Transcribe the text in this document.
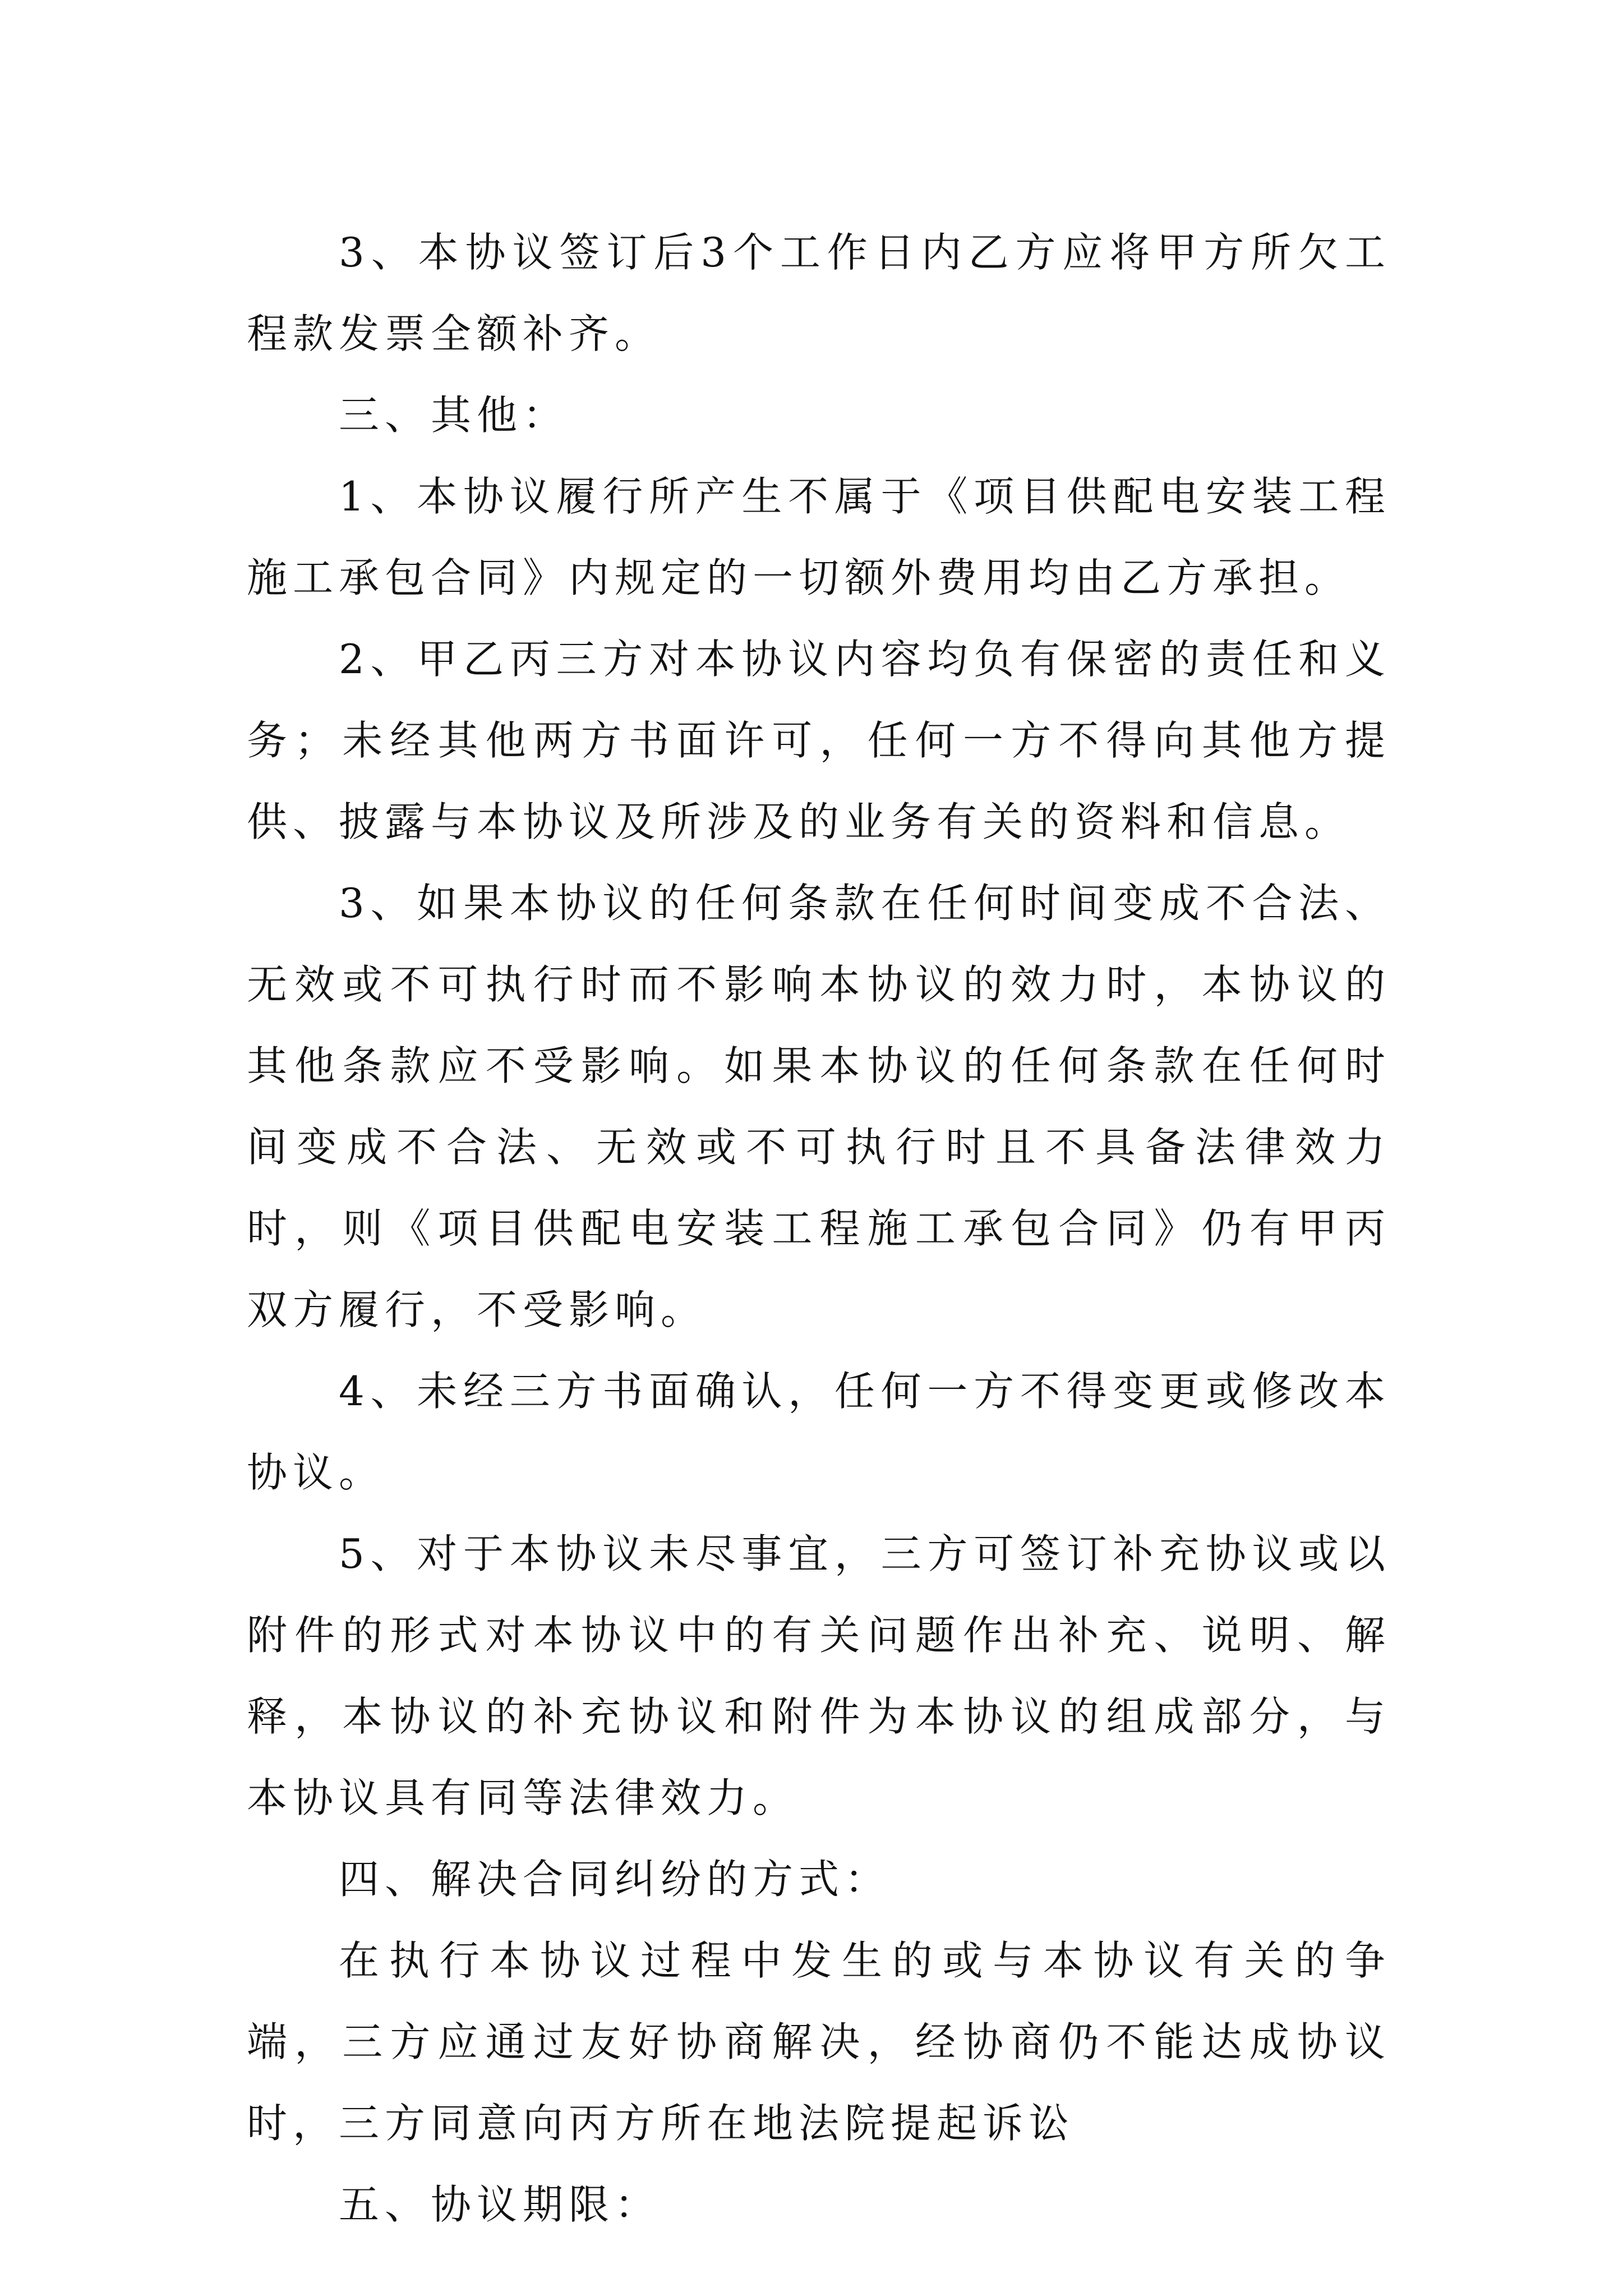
3、本协议签订后3个工作日内乙方应将甲方所欠工程款发票全额补齐。

三、其他：

1、本协议履行所产生不属于《项目供配电安装工程施工承包合同》内规定的一切额外费用均由乙方承担。

2、甲乙丙三方对本协议内容均负有保密的责任和义务；未经其他两方书面许可，任何一方不得向其他方提供、披露与本协议及所涉及的业务有关的资料和信息。

3、如果本协议的任何条款在任何时间变成不合法、无效或不可执行时而不影响本协议的效力时，本协议的其他条款应不受影响。如果本协议的任何条款在任何时间变成不合法、无效或不可执行时且不具备法律效力时，则《项目供配电安装工程施工承包合同》仍有甲丙双方履行，不受影响。

4、未经三方书面确认，任何一方不得变更或修改本协议。

5、对于本协议未尽事宜，三方可签订补充协议或以附件的形式对本协议中的有关问题作出补充、说明、解释，本协议的补充协议和附件为本协议的组成部分，与本协议具有同等法律效力。

四、解决合同纠纷的方式：

在执行本协议过程中发生的或与本协议有关的争端，三方应通过友好协商解决，经协商仍不能达成协议时，三方同意向丙方所在地法院提起诉讼

五、协议期限：
